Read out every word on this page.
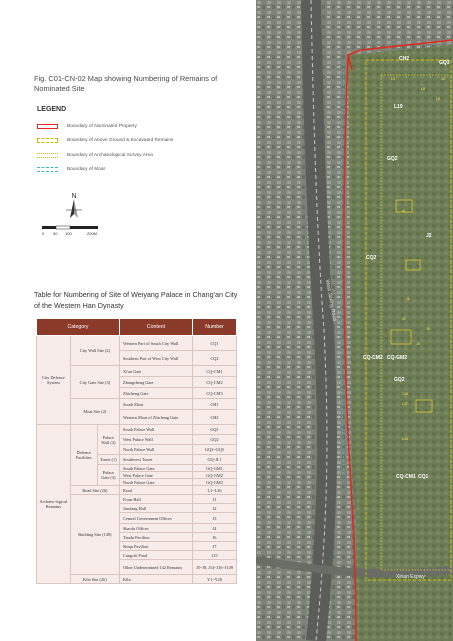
Fig. C01-CN-02 Map showing Numbering of Remains of Nominated Site
LEGEND
Boundary of Nominated Property
Boundary of Above Ground & Excavated Remains
Boundary of Archaeological Survey Area
Boundary of Moat
N
0 50 100	200M
Table for Numbering of Site of Weiyang Palace in Chang'an City of the Western Han Dynasty
Category			Content	Number
City Defence System	City Wall Site (2)		Western Part of South City Wall	CQ1
			Southern Part of West City Wall	CQ2
	City Gate Site (3)		Xi'an Gate	CQ-CM1
			Zhangcheng Gate	CQ-CM2
			Zhicheng Gate	CQ-CM3
	Moat Site (2)		South Moat	CH1
			Western Moat of Zhicheng Gate	CH2
Archaeo-logical Remains	Defence Facilities	Palace Wall (4)	South Palace Wall	GQ1
			West Palace Wall	GQ2
			North Palace Wall	GQ3~GQ5
		Turret (1)	Southwest Turret	GQ-JL1
		Palace Gate (3)	South Palace Gate	GQ-GM1
			West Palace Gate	GQ-GM2
			North Palace Gate	GQ-GM3
	Road Site (26)		Road	L1~L26
	Building Site (149)		Front Hall	J1
			Jiaofang Hall	J2
			Central Government Offices	J3
			Shaofu Offices	J4
			Tianlu Pavilion	J6
			Shiqu Pavilion	J7
			Cangchi Pond	J15
			Other Undetermined 142 Remains	J5~J8, J14~J16~J149
	Kiln Site (26)		Kiln	Y1~Y26
CH2
GQ3
J2
L19
GQ2
CQ2
CQ-CM2 CQ-GM2
GQ2
L18
L17
L16
CQ-CM1 CQ1
J1
J3
J4
J5
J6
J8
L3
L8
L9
West Jiuxing Road
Xinan Expwy
